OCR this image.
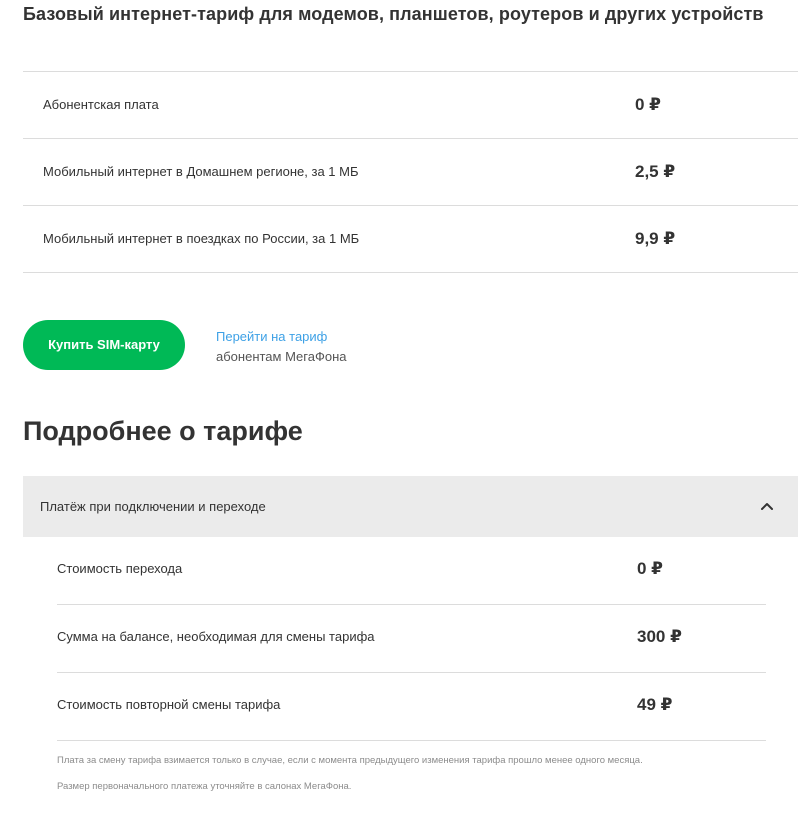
Базовый интернет-тариф для модемов, планшетов, роутеров и других устройств
Абонентская плата	0 ₽
Мобильный интернет в Домашнем регионе, за 1 МБ	2,5 ₽
Мобильный интернет в поездках по России, за 1 МБ	9,9 ₽
Купить SIM-карту
Перейти на тариф
абонентам МегаФона
Подробнее о тарифе
Платёж при подключении и переходе
Стоимость перехода	0 ₽
Сумма на балансе, необходимая для смены тарифа	300 ₽
Стоимость повторной смены тарифа	49 ₽

Плата за смену тарифа взимается только в случае, если с момента предыдущего изменения тарифа прошло менее одного месяца.

Размер первоначального платежа уточняйте в салонах МегаФона.
